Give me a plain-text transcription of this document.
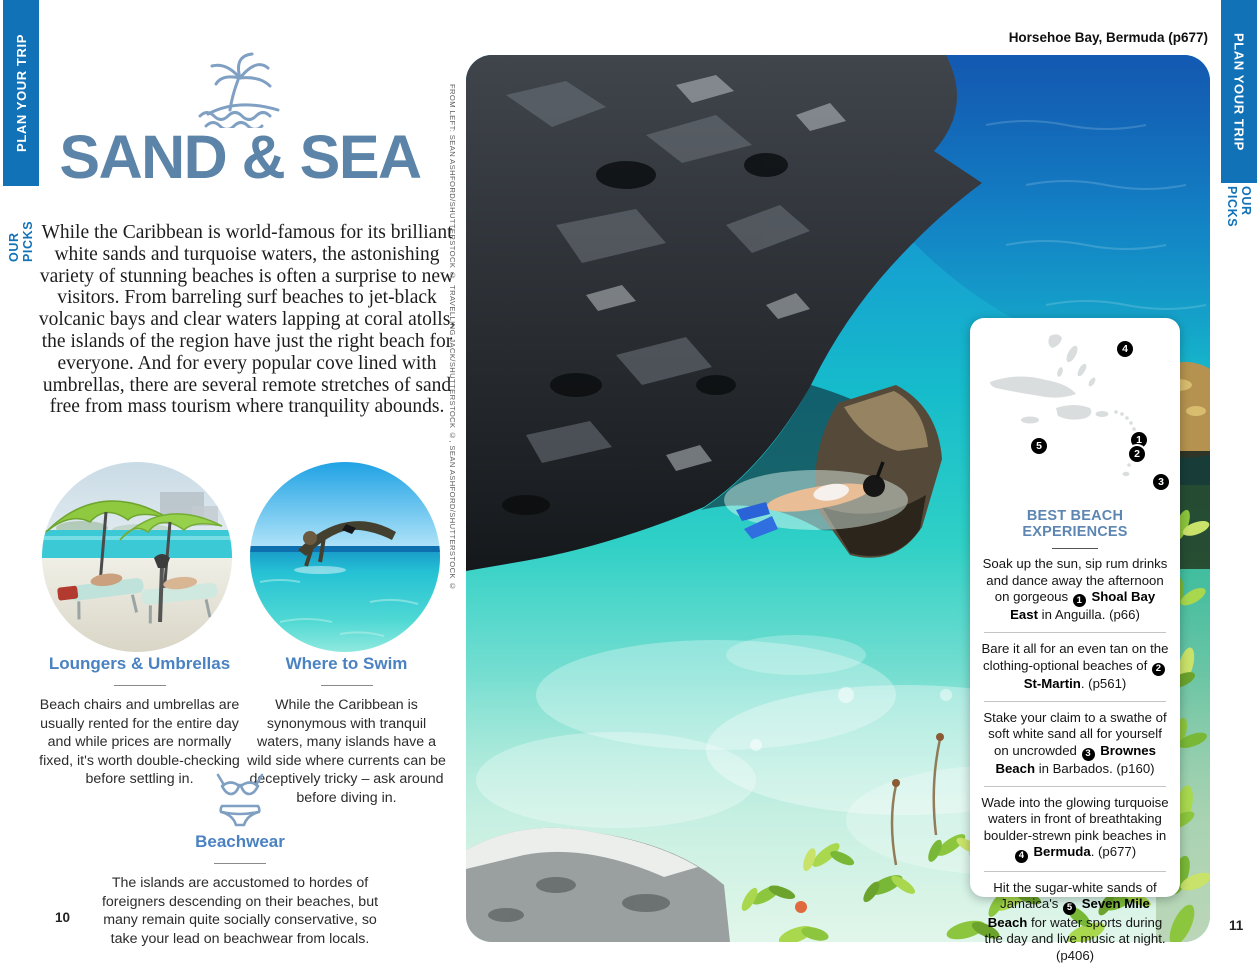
PLAN YOUR TRIP
OUR PICKS
PLAN YOUR TRIP
OUR PICKS
SAND & SEA
While the Caribbean is world-famous for its brilliant white sands and turquoise waters, the astonishing variety of stunning beaches is often a surprise to new visitors. From barreling surf beaches to jet-black volcanic bays and clear waters lapping at coral atolls, the islands of the region have just the right beach for everyone. And for every popular cove lined with umbrellas, there are several remote stretches of sand free from mass tourism where tranquility abounds.
Loungers & Umbrellas
Beach chairs and umbrellas are usually rented for the entire day and while prices are normally fixed, it's worth double-checking before settling in.
Where to Swim
While the Caribbean is synonymous with tranquil waters, many islands have a wild side where currents can be deceptively tricky – ask around before diving in.
Beachwear
The islands are accustomed to hordes of foreigners descending on their beaches, but many remain quite socially conservative, so take your lead on beachwear from locals.
10
11
Horsehoe Bay, Bermuda (p677)
FROM LEFT: SEAN ASHFORD/SHUTTERSTOCK ©, TRAVELLING JACK/SHUTTERSTOCK ©, SEAN ASHFORD/SHUTTERSTOCK ©	4
5	1
2
3
BEST BEACH EXPERIENCES
Soak up the sun, sip rum drinks and dance away the afternoon on gorgeous 1 Shoal Bay East in Anguilla. (p66)
Bare it all for an even tan on the clothing-optional beaches of 2 St-Martin. (p561)
Stake your claim to a swathe of soft white sand all for yourself on uncrowded 3 Brownes Beach in Barbados. (p160)
Wade into the glowing turquoise waters in front of breathtaking boulder-strewn pink beaches in 4 Bermuda. (p677)
Hit the sugar-white sands of Jamaica's 5 Seven Mile Beach for water sports during the day and live music at night. (p406)
